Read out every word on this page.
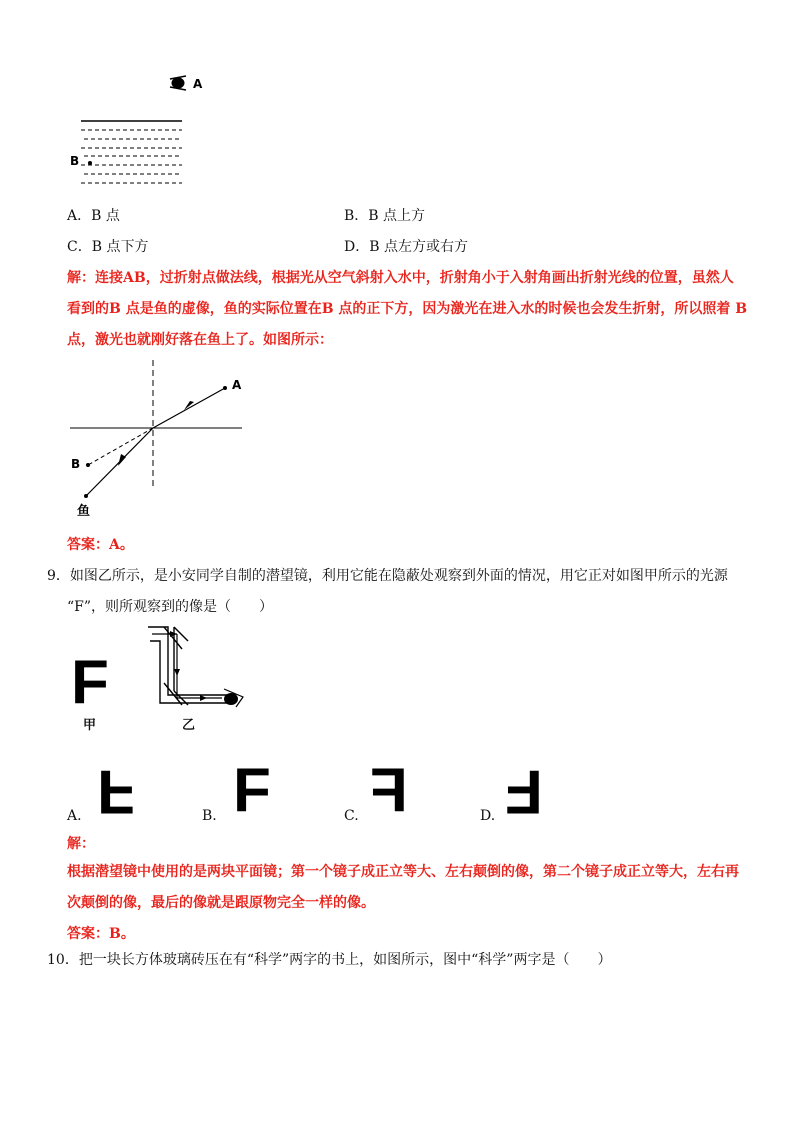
A
B
A．B 点	B．B 点上方
C．B 点下方	D．B 点左方或右方
解：连接AB，过折射点做法线，根据光从空气斜射入水中，折射角小于入射角画出折射光线的位置，虽然人
看到的B 点是鱼的虚像，鱼的实际位置在B 点的正下方，因为激光在进入水的时候也会发生折射，所以照着 B
点，激光也就刚好落在鱼上了。如图所示：
A
B
鱼
答案：A。
9．如图乙所示，是小安同学自制的潜望镜，利用它能在隐蔽处观察到外面的情况，用它正对如图甲所示的光源
“F”，则所观察到的像是（　　）
F
甲	乙
A. F	B. F	C. F	D. F
解：
根据潜望镜中使用的是两块平面镜；第一个镜子成正立等大、左右颠倒的像，第二个镜子成正立等大，左右再
次颠倒的像，最后的像就是跟原物完全一样的像。
答案：B。
10．把一块长方体玻璃砖压在有“科学”两字的书上，如图所示，图中“科学”两字是（　　）
